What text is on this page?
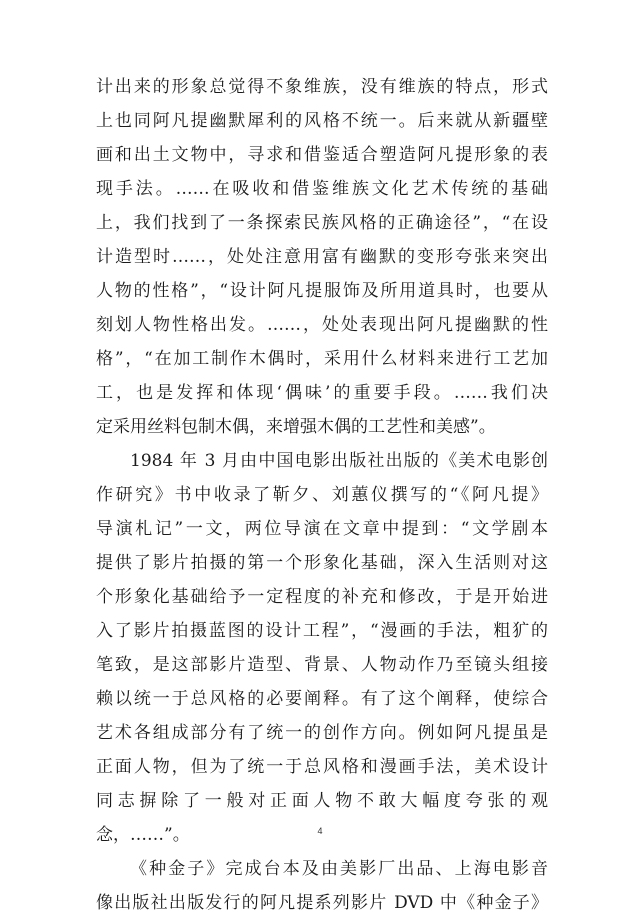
计出来的形象总觉得不象维族，没有维族的特点，形式
上也同阿凡提幽默犀利的风格不统一。后来就从新疆壁
画和出土文物中，寻求和借鉴适合塑造阿凡提形象的表
现手法。……在吸收和借鉴维族文化艺术传统的基础
上，我们找到了一条探索民族风格的正确途径”，“在设
计造型时……，处处注意用富有幽默的变形夸张来突出
人物的性格”，“设计阿凡提服饰及所用道具时，也要从
刻划人物性格出发。……，处处表现出阿凡提幽默的性
格”，“在加工制作木偶时，采用什么材料来进行工艺加
工，也是发挥和体现‘偶味’的重要手段。……我们决
定采用丝料包制木偶，来增强木偶的工艺性和美感”。
1984 年 3 月由中国电影出版社出版的《美术电影创
作研究》书中收录了靳夕、刘蕙仪撰写的“《阿凡提》
导演札记”一文，两位导演在文章中提到：“文学剧本
提供了影片拍摄的第一个形象化基础，深入生活则对这
个形象化基础给予一定程度的补充和修改，于是开始进
入了影片拍摄蓝图的设计工程”，“漫画的手法，粗犷的
笔致，是这部影片造型、背景、人物动作乃至镜头组接
赖以统一于总风格的必要阐释。有了这个阐释，使综合
艺术各组成部分有了统一的创作方向。例如阿凡提虽是
正面人物，但为了统一于总风格和漫画手法，美术设计
同志摒除了一般对正面人物不敢大幅度夸张的观
念，……”。
《种金子》完成台本及由美影厂出品、上海电影音
像出版社出版发行的阿凡提系列影片 DVD 中《种金子》
4
